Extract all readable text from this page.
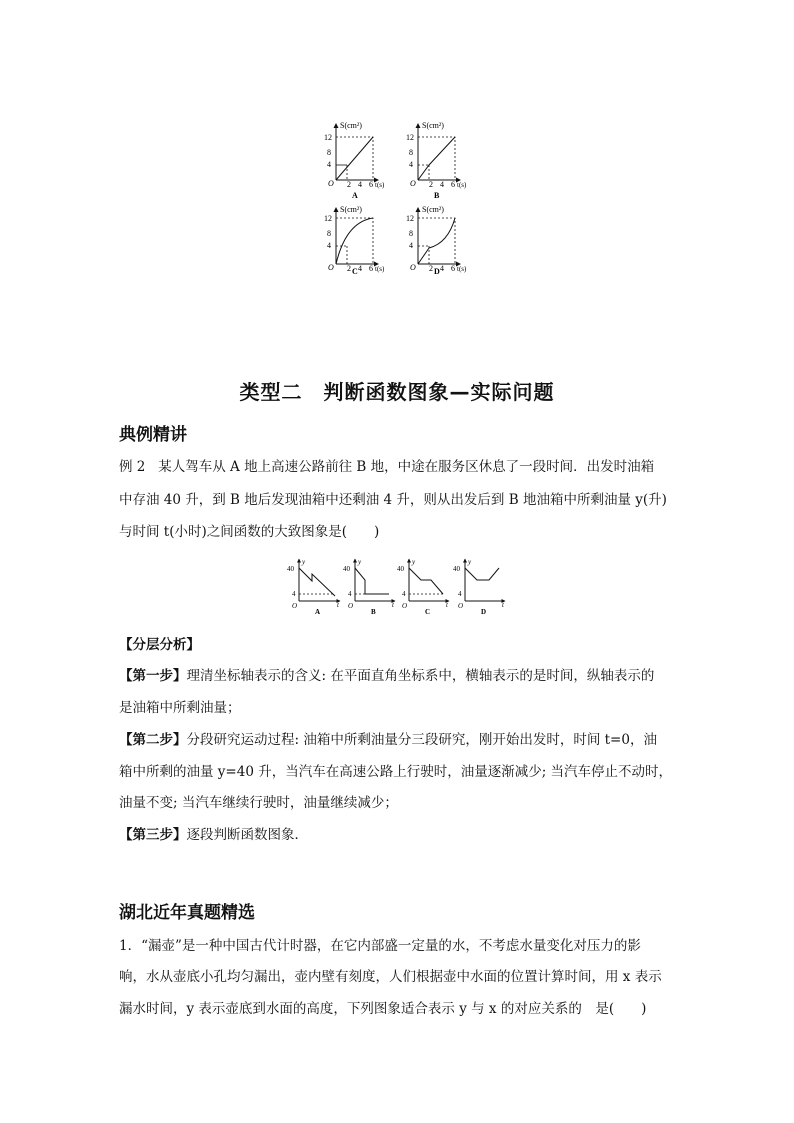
S(cm²)
12
8
4
O 2 4 6 t(s)
A
S(cm²)
12
8
4
O 2 4 6 t(s)
B
S(cm²)
12
8
4
O 2 4 6 t(s)
C
S(cm²)
12
8
4
O 2 4 6 t(s)
D
类型二　判断函数图象—实际问题
典例精讲
例 2 某人驾车从 A 地上高速公路前往 B 地，中途在服务区休息了一段时间．出发时油箱
中存油 40 升，到 B 地后发现油箱中还剩油 4 升，则从出发后到 B 地油箱中所剩油量 y(升)
与时间 t(小时)之间函数的大致图象是(　　)
y
40
4
O	t
A
y
40
4
O	t
B
y
40
4
O	t
C
y
40
4
O	t
D
【分层分析】
【第一步】理清坐标轴表示的含义: 在平面直角坐标系中，横轴表示的是时间，纵轴表示的
是油箱中所剩油量；
【第二步】分段研究运动过程: 油箱中所剩油量分三段研究，刚开始出发时，时间 t=0，油
箱中所剩的油量 y=40 升，当汽车在高速公路上行驶时，油量逐渐减少; 当汽车停止不动时，
油量不变; 当汽车继续行驶时，油量继续减少；
【第三步】逐段判断函数图象．
湖北近年真题精选
1．“漏壶”是一种中国古代计时器，在它内部盛一定量的水，不考虑水量变化对压力的影
响，水从壶底小孔均匀漏出，壶内壁有刻度，人们根据壶中水面的位置计算时间，用 x 表示
漏水时间，y 表示壶底到水面的高度，下列图象适合表示 y 与 x 的对应关系的　是(　　)
